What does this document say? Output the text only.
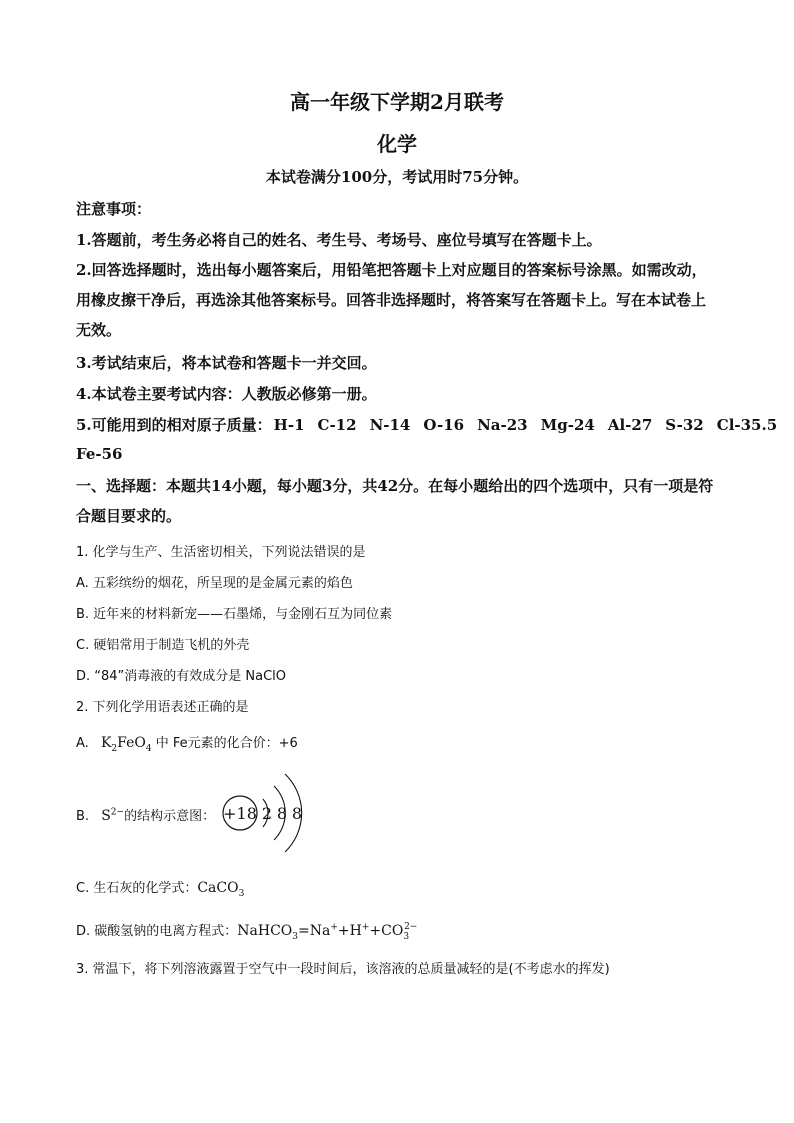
高一年级下学期2月联考
化学
本试卷满分100分，考试用时75分钟。
注意事项：
1.答题前，考生务必将自己的姓名、考生号、考场号、座位号填写在答题卡上。
2.回答选择题时，选出每小题答案后，用铅笔把答题卡上对应题目的答案标号涂黑。如需改动，用橡皮擦干净后，再选涂其他答案标号。回答非选择题时，将答案写在答题卡上。写在本试卷上无效。
3.考试结束后，将本试卷和答题卡一并交回。
4.本试卷主要考试内容：人教版必修第一册。
5.可能用到的相对原子质量： H-1 C-12 N-14 O-16 Na-23 Mg-24 Al-27 S-32 Cl-35.5
Fe-56
一、选择题：本题共14小题，每小题3分，共42分。在每小题给出的四个选项中，只有一项是符合题目要求的。
1. 化学与生产、生活密切相关，下列说法错误的是
A. 五彩缤纷的烟花，所呈现的是金属元素的焰色
B. 近年来的材料新宠——石墨烯，与金刚石互为同位素
C. 硬铝常用于制造飞机的外壳
D. “84”消毒液的有效成分是 NaClO
2. 下列化学用语表述正确的是
A. $K_2FeO_4$ 中 Fe元素的化合价：+6
B. $S^{2-}$的结构示意图： +18 2 8 8
C. 生石灰的化学式：CaCO$_3$
D. 碳酸氢钠的电离方程式：$NaHCO_3=Na^++H^++CO_3^{2-}$
3. 常温下，将下列溶液露置于空气中一段时间后，该溶液的总质量减轻的是(不考虑水的挥发)
